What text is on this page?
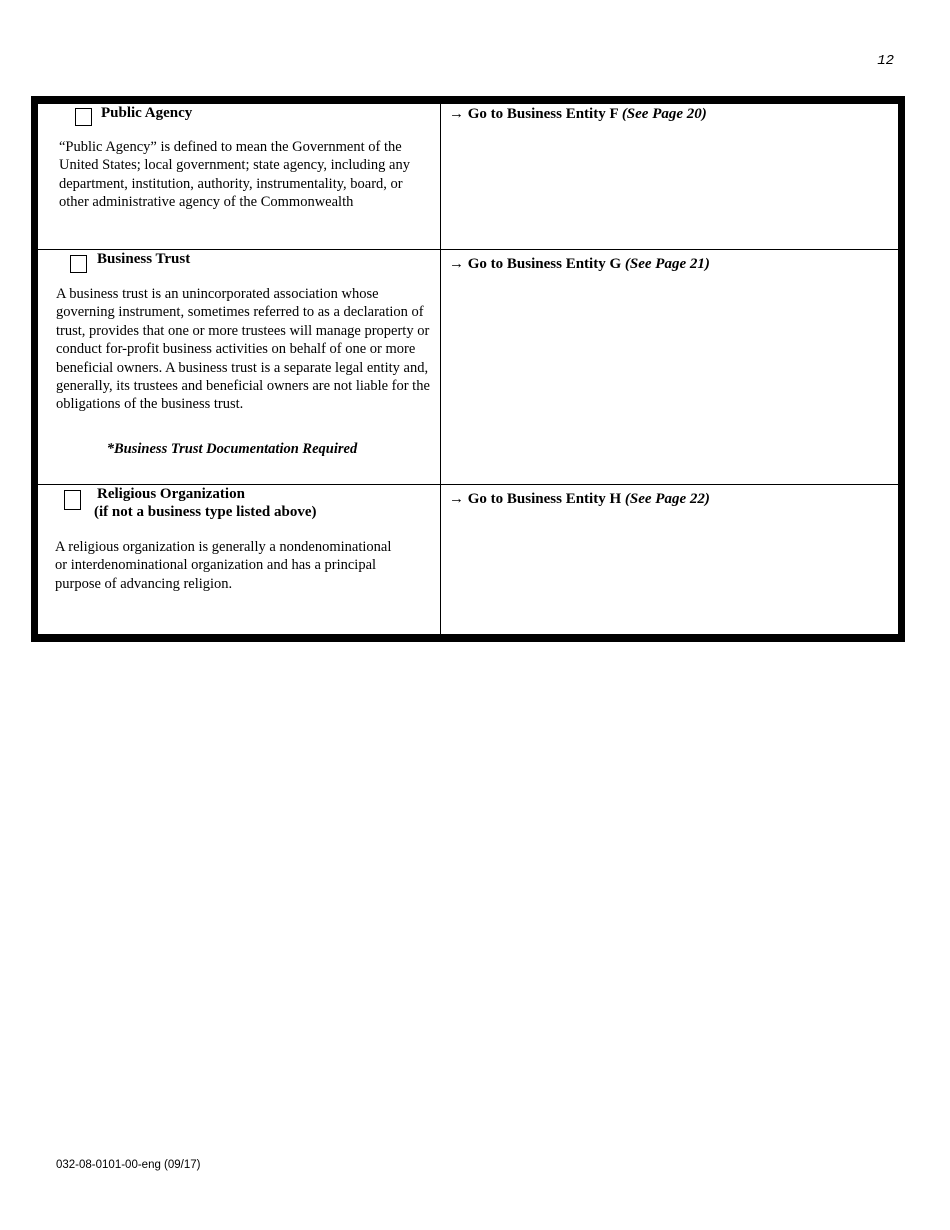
12
Public Agency
“Public Agency” is defined to mean the Government of the United States; local government; state agency, including any department, institution, authority, instrumentality, board, or other administrative agency of the Commonwealth
→ Go to Business Entity F (See Page 20)
Business Trust
A business trust is an unincorporated association whose governing instrument, sometimes referred to as a declaration of trust, provides that one or more trustees will manage property or conduct for-profit business activities on behalf of one or more beneficial owners. A business trust is a separate legal entity and, generally, its trustees and beneficial owners are not liable for the obligations of the business trust.
*Business Trust Documentation Required
→ Go to Business Entity G (See Page 21)
Religious Organization
(if not a business type listed above)
A religious organization is generally a nondenominational or interdenominational organization and has a principal purpose of advancing religion.
→ Go to Business Entity H (See Page 22)
032-08-0101-00-eng (09/17)
